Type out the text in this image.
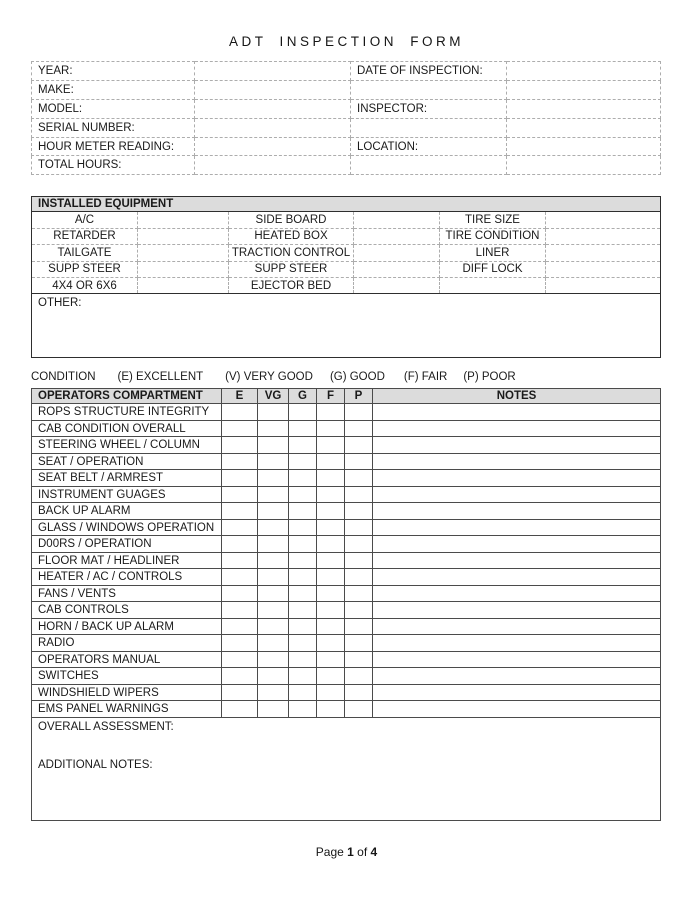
ADT INSPECTION FORM
YEAR:		DATE OF INSPECTION:	
MAKE:			
MODEL:		INSPECTOR:	
SERIAL NUMBER:			
HOUR METER READING:		LOCATION:	
TOTAL HOURS:			
INSTALLED EQUIPMENT					
A/C		SIDE BOARD		TIRE SIZE	
RETARDER		HEATED BOX		TIRE CONDITION	
TAILGATE		TRACTION CONTROL		LINER	
SUPP STEER		SUPP STEER		DIFF LOCK	
4X4 OR 6X6		EJECTOR BED			
OTHER:					
CONDITION (E) EXCELLENT (V) VERY GOOD (G) GOOD (F) FAIR (P) POOR
OPERATORS COMPARTMENT	E	VG	G	F	P	NOTES
ROPS STRUCTURE INTEGRITY						
CAB CONDITION OVERALL						
STEERING WHEEL / COLUMN						
SEAT / OPERATION						
SEAT BELT / ARMREST						
INSTRUMENT GUAGES						
BACK UP ALARM						
GLASS / WINDOWS OPERATION						
D00RS / OPERATION						
FLOOR MAT / HEADLINER						
HEATER / AC / CONTROLS						
FANS / VENTS						
CAB CONTROLS						
HORN / BACK UP ALARM						
RADIO						
OPERATORS MANUAL						
SWITCHES						
WINDSHIELD WIPERS						
EMS PANEL WARNINGS						

OVERALL ASSESSMENT:
ADDITIONAL NOTES:						
Page 1 of 4
